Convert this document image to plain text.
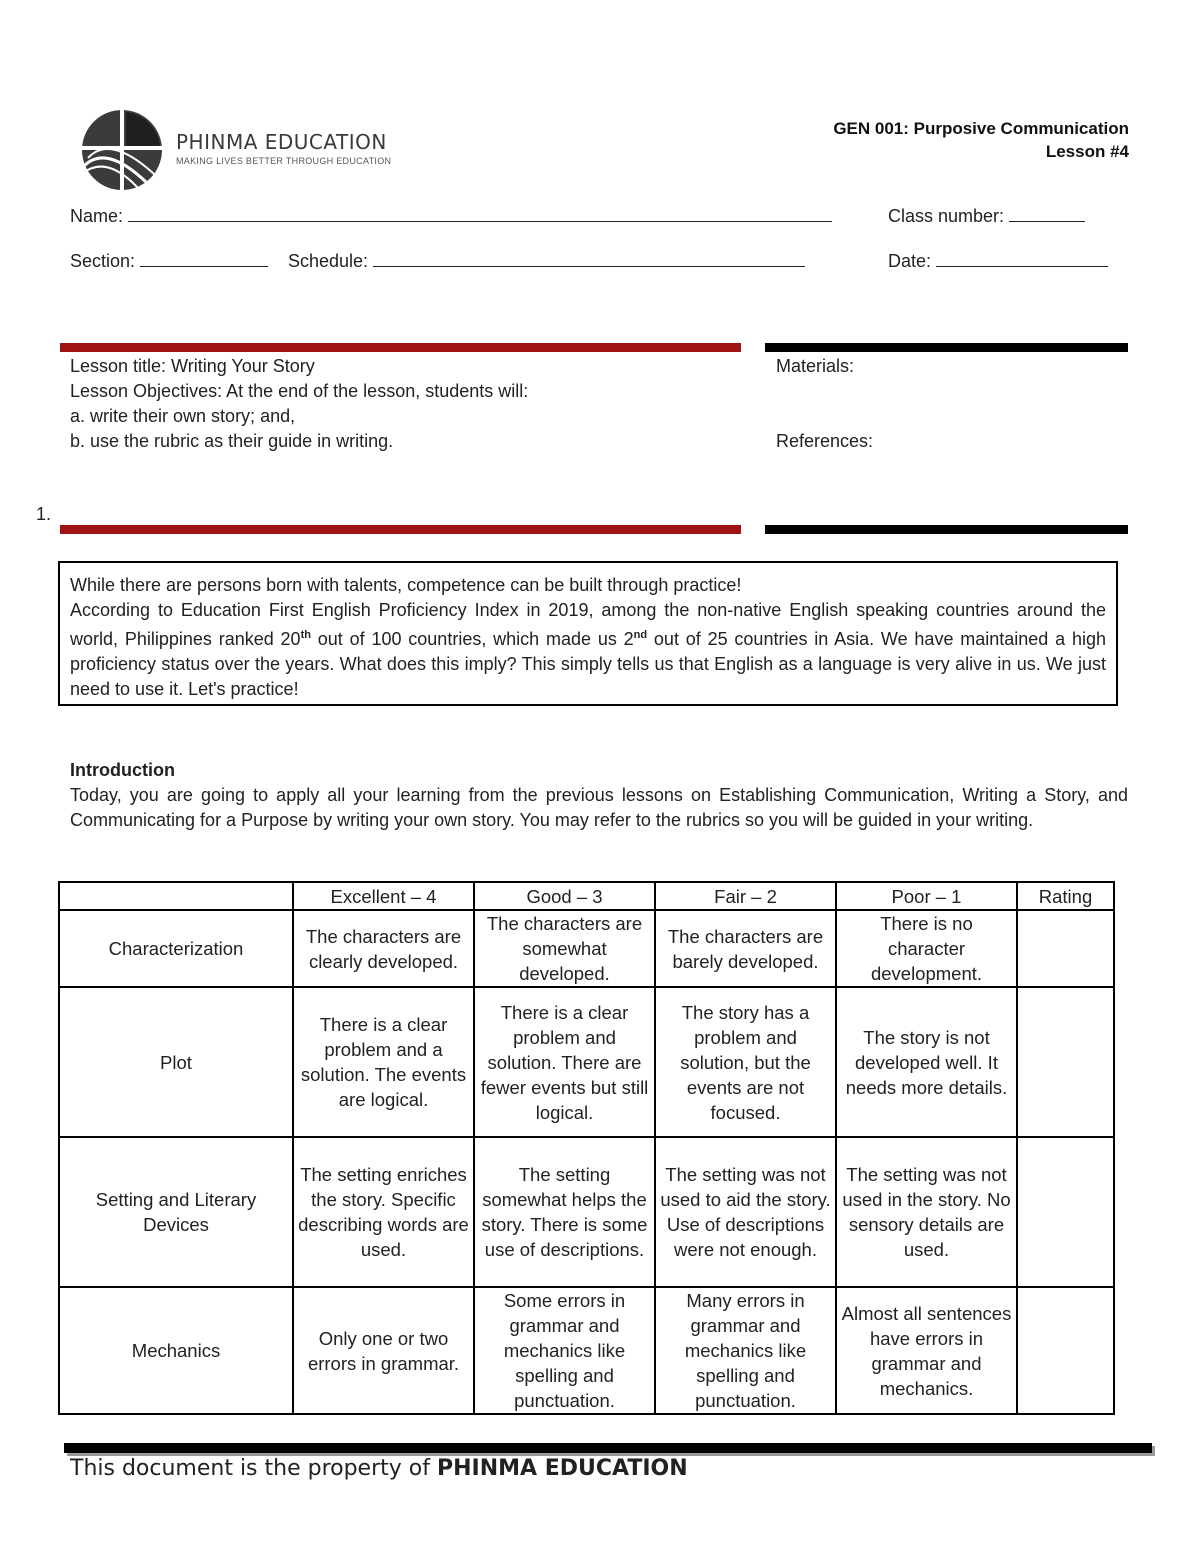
PHINMA EDUCATION
MAKING LIVES BETTER THROUGH EDUCATION
GEN 001: Purposive Communication
Lesson #4
Name:	Class number:
Section:	Schedule:	Date:
Lesson title: Writing Your Story
Lesson Objectives: At the end of the lesson, students will:
a. write their own story; and,
b. use the rubric as their guide in writing.
Materials:
References:
1.

While there are persons born with talents, competence can be built through practice!

According to Education First English Proficiency Index in 2019, among the non-native English speaking countries around the world, Philippines ranked 20th out of 100 countries, which made us 2nd out of 25 countries in Asia. We have maintained a high proficiency status over the years. What does this imply? This simply tells us that English as a language is very alive in us. We just need to use it. Let's practice!

Introduction

Today, you are going to apply all your learning from the previous lessons on Establishing Communication, Writing a Story, and Communicating for a Purpose by writing your own story. You may refer to the rubrics so you will be guided in your writing.

	Excellent – 4	Good – 3	Fair – 2	Poor – 1	Rating
Characterization	The characters are clearly developed.	The characters are somewhat developed.	The characters are barely developed.	There is no character development.	
Plot	There is a clear problem and a solution. The events are logical.	There is a clear problem and solution. There are fewer events but still logical.	The story has a problem and solution, but the events are not focused.	The story is not developed well. It needs more details.	
Setting and Literary Devices	The setting enriches the story. Specific describing words are used.	The setting somewhat helps the story. There is some use of descriptions.	The setting was not used to aid the story. Use of descriptions were not enough.	The setting was not used in the story. No sensory details are used.	
Mechanics	Only one or two errors in grammar.	Some errors in grammar and mechanics like spelling and punctuation.	Many errors in grammar and mechanics like spelling and punctuation.	Almost all sentences have errors in grammar and mechanics.	
This document is the property of PHINMA EDUCATION
